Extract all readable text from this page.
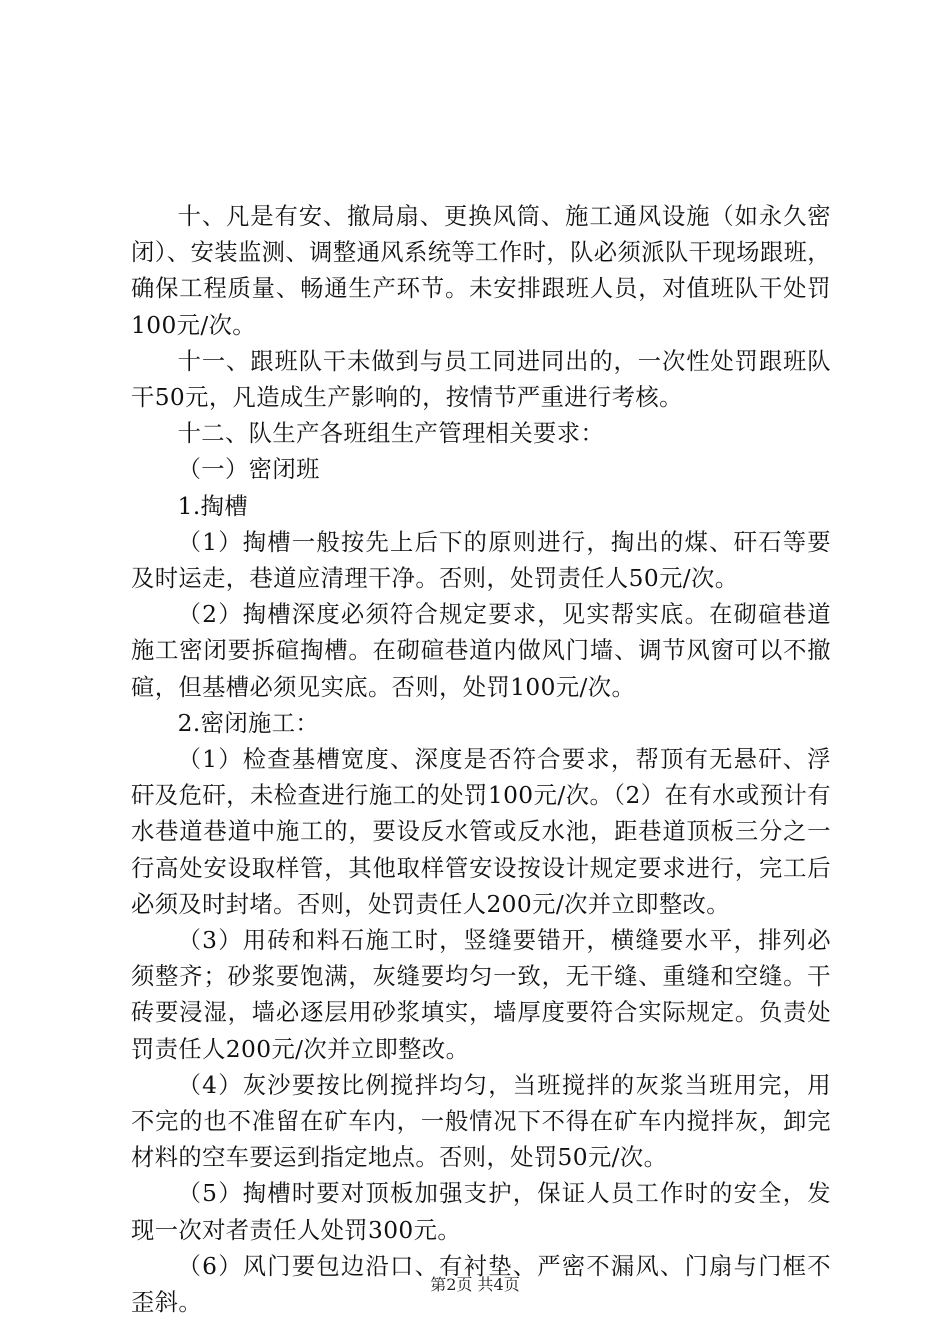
十、凡是有安、撤局扇、更换风筒、施工通风设施（如永久密闭）、安装监测、调整通风系统等工作时，队必须派队干现场跟班，确保工程质量、畅通生产环节。未安排跟班人员，对值班队干处罚100元/次。

十一、跟班队干未做到与员工同进同出的，一次性处罚跟班队干50元，凡造成生产影响的，按情节严重进行考核。

十二、队生产各班组生产管理相关要求：

（一）密闭班

1.掏槽

（1）掏槽一般按先上后下的原则进行，掏出的煤、矸石等要及时运走，巷道应清理干净。否则，处罚责任人50元/次。

（2）掏槽深度必须符合规定要求，见实帮实底。在砌碹巷道施工密闭要拆碹掏槽。在砌碹巷道内做风门墙、调节风窗可以不撤碹，但基槽必须见实底。否则，处罚100元/次。

2.密闭施工：

（1）检查基槽宽度、深度是否符合要求，帮顶有无悬矸、浮矸及危矸，未检查进行施工的处罚100元/次。（2）在有水或预计有水巷道巷道中施工的，要设反水管或反水池，距巷道顶板三分之一行高处安设取样管，其他取样管安设按设计规定要求进行，完工后必须及时封堵。否则，处罚责任人200元/次并立即整改。

（3）用砖和料石施工时，竖缝要错开，横缝要水平，排列必须整齐；砂浆要饱满，灰缝要均匀一致，无干缝、重缝和空缝。干砖要浸湿，墙必逐层用砂浆填实，墙厚度要符合实际规定。负责处罚责任人200元/次并立即整改。

（4）灰沙要按比例搅拌均匀，当班搅拌的灰浆当班用完，用不完的也不准留在矿车内，一般情况下不得在矿车内搅拌灰，卸完材料的空车要运到指定地点。否则，处罚50元/次。

（5）掏槽时要对顶板加强支护，保证人员工作时的安全，发现一次对者责任人处罚300元。

（6）风门要包边沿口、有衬垫、严密不漏风、门扇与门框不歪斜。

第2页 共4页
